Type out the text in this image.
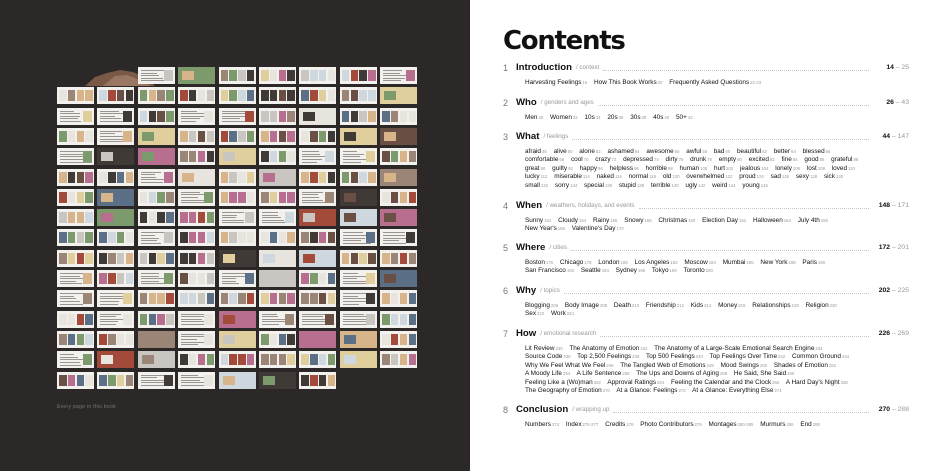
Every page in this book
Contents
1 Introduction / context	14 – 25
Harvesting Feelings16 How This Book Works20 Frequently Asked Questions22-23
2 Who / genders and ages	26 – 43
Men30 Women32 10s34 20s36 30s38 40s40 50+42
3 What / feelings	44 – 147
afraid46 alive50 alone52 ashamed54 awesome56 awful58 bad60 beautiful62 better64 blessed66 comfortable68 cool70 crazy72 depressed74 dirty76 drunk78 empty80 excited82 fine84 good86 grateful88 great90 guilty92 happy94 helpless96 horrible98 human100 hurt102 jealous104 lonely106 lost108 loved110 lucky112 miserable114 naked116 normal118 old120 overwhelmed122 proud124 sad126 sexy128 sick130 small132 sorry134 special136 stupid138 terrible140 ugly142 weird144 young146
4 When / weathers, holidays, and events	148 – 171
Sunny152 Cloudy154 Rainy156 Snowy158 Christmas160 Election Day162 Halloween164 July 4th166 New Year's168 Valentine's Day170
5 Where / cities	172 – 201
Boston176 Chicago178 London180 Los Angeles182 Moscow184 Mumbai186 New York188 Paris190 San Francisco192 Seattle194 Sydney196 Tokyo198 Toronto200
6 Why / topics	202 – 225
Blogging206 Body Image208 Death210 Friendship212 Kids214 Money216 Relationships218 Religion220 Sex222 Work224
7 How / emotional research	226 – 269
Lit Review230 The Anatomy of Emotion232 The Anatomy of a Large-Scale Emotional Search Engine234 Source Code236 Top 2,500 Feelings238 Top 500 Feelings240 Top Feelings Over Time242 Common Ground244 Why We Feel What We Feel246 The Tangled Web of Emotions248 Mood Swings250 Shades of Emotion252 A Moody Life254 A Life Sentence256 The Ups and Downs of Aging258 He Said, She Said260 Feeling Like a (Wo)man262 Approval Ratings264 Feeling the Calendar and the Clock266 A Hard Day's Night268 The Geography of Emotion270 At a Glance: Feelings272 At a Glance: Everything Else274
8 Conclusion / wrapping up	270 – 288
Numbers274 Index276-277 Credits278 Photo Contributors279 Montages280-285 Murmurs286 End288
